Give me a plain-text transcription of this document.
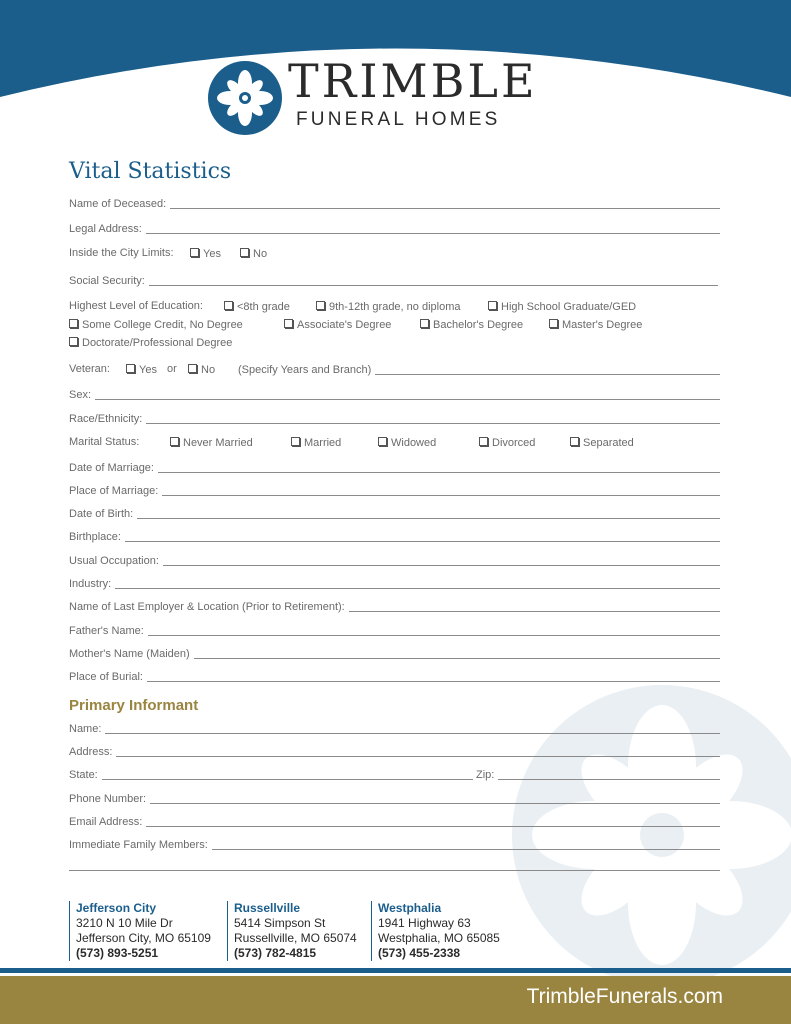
TRIMBLE
FUNERAL HOMES
Vital Statistics
Name of Deceased:
Legal Address:
Inside the City Limits:	Yes	No
Social Security:
Highest Level of Education:	<8th grade	9th-12th grade, no diploma	High School Graduate/GED
Some College Credit, No Degree	Associate's Degree	Bachelor's Degree	Master's Degree
Doctorate/Professional Degree
Veteran:	Yes or	No (Specify Years and Branch)
Sex:
Race/Ethnicity:
Marital Status:	Never Married	Married	Widowed	Divorced	Separated
Date of Marriage:
Place of Marriage:
Date of Birth:
Birthplace:
Usual Occupation:
Industry:
Name of Last Employer & Location (Prior to Retirement):
Father's Name:
Mother's Name (Maiden)
Place of Burial:
Primary Informant
Name:
Address:
State:	Zip:
Phone Number:
Email Address:
Immediate Family Members:
Jefferson City
3210 N 10 Mile Dr
Jefferson City, MO 65109
(573) 893-5251
Russellville
5414 Simpson St
Russellville, MO 65074
(573) 782-4815
Westphalia
1941 Highway 63
Westphalia, MO 65085
(573) 455-2338
TrimbleFunerals.com
